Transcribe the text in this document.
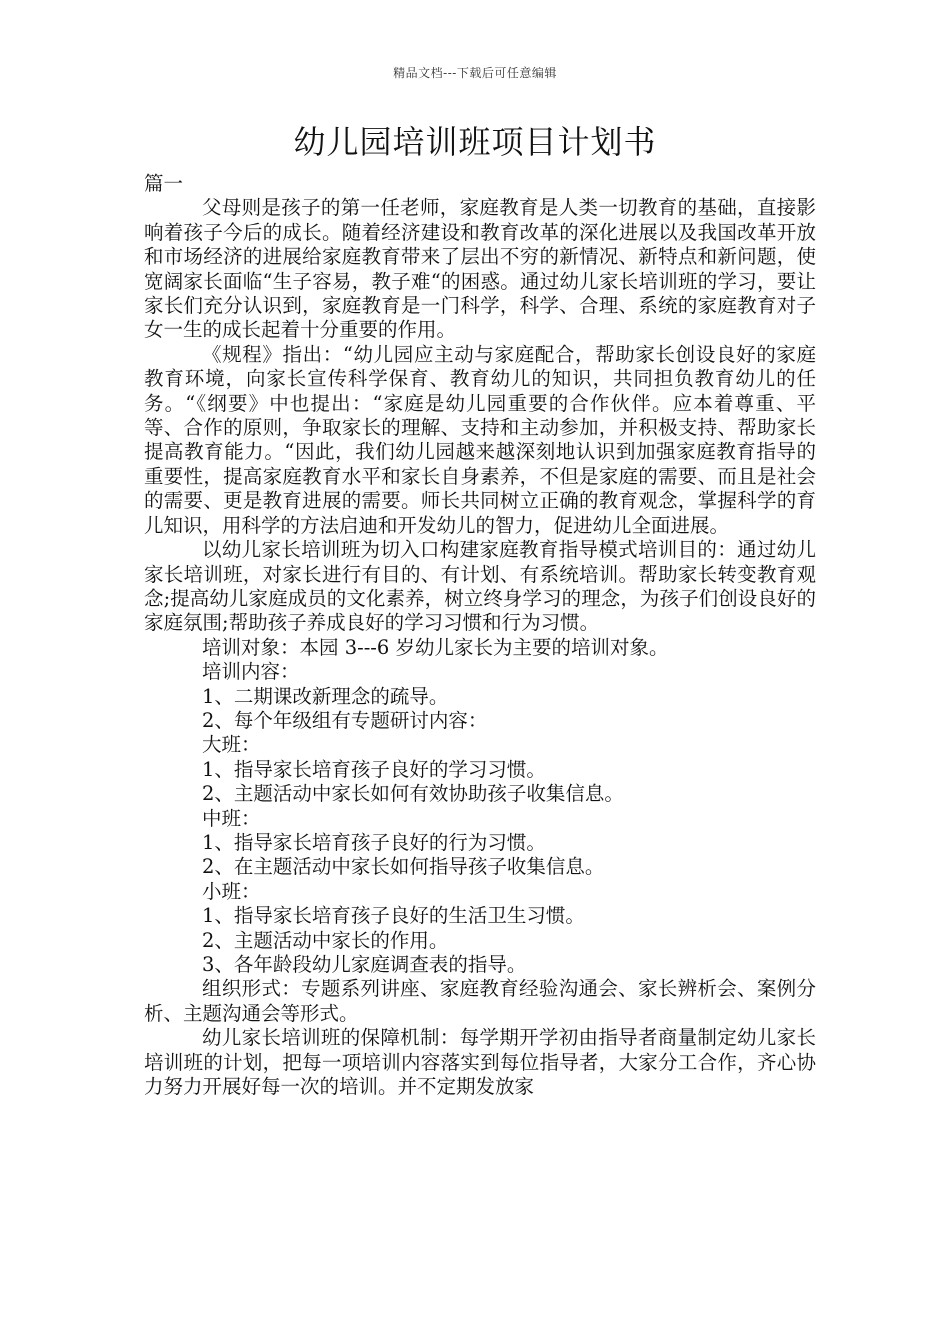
精品文档---下载后可任意编辑
幼儿园培训班项目计划书

篇一

父母则是孩子的第一任老师，家庭教育是人类一切教育的基础，直接影响着孩子今后的成长。随着经济建设和教育改革的深化进展以及我国改革开放和市场经济的进展给家庭教育带来了层出不穷的新情况、新特点和新问题，使宽阔家长面临“生子容易，教子难“的困惑。通过幼儿家长培训班的学习，要让家长们充分认识到，家庭教育是一门科学，科学、合理、系统的家庭教育对子女一生的成长起着十分重要的作用。

《规程》指出：“幼儿园应主动与家庭配合，帮助家长创设良好的家庭教育环境，向家长宣传科学保育、教育幼儿的知识，共同担负教育幼儿的任务。“《纲要》中也提出：“家庭是幼儿园重要的合作伙伴。应本着尊重、平等、合作的原则，争取家长的理解、支持和主动参加，并积极支持、帮助家长提高教育能力。“因此，我们幼儿园越来越深刻地认识到加强家庭教育指导的重要性，提高家庭教育水平和家长自身素养，不但是家庭的需要、而且是社会的需要、更是教育进展的需要。师长共同树立正确的教育观念，掌握科学的育儿知识，用科学的方法启迪和开发幼儿的智力，促进幼儿全面进展。

以幼儿家长培训班为切入口构建家庭教育指导模式培训目的：通过幼儿家长培训班，对家长进行有目的、有计划、有系统培训。帮助家长转变教育观念;提高幼儿家庭成员的文化素养，树立终身学习的理念，为孩子们创设良好的家庭氛围;帮助孩子养成良好的学习习惯和行为习惯。

培训对象：本园 3---6 岁幼儿家长为主要的培训对象。

培训内容：

1、二期课改新理念的疏导。

2、每个年级组有专题研讨内容：

大班：

1、指导家长培育孩子良好的学习习惯。

2、主题活动中家长如何有效协助孩子收集信息。

中班：

1、指导家长培育孩子良好的行为习惯。

2、在主题活动中家长如何指导孩子收集信息。

小班：

1、指导家长培育孩子良好的生活卫生习惯。

2、主题活动中家长的作用。

3、各年龄段幼儿家庭调查表的指导。

组织形式：专题系列讲座、家庭教育经验沟通会、家长辨析会、案例分析、主题沟通会等形式。

幼儿家长培训班的保障机制：每学期开学初由指导者商量制定幼儿家长培训班的计划，把每一项培训内容落实到每位指导者，大家分工合作，齐心协力努力开展好每一次的培训。并不定期发放家
